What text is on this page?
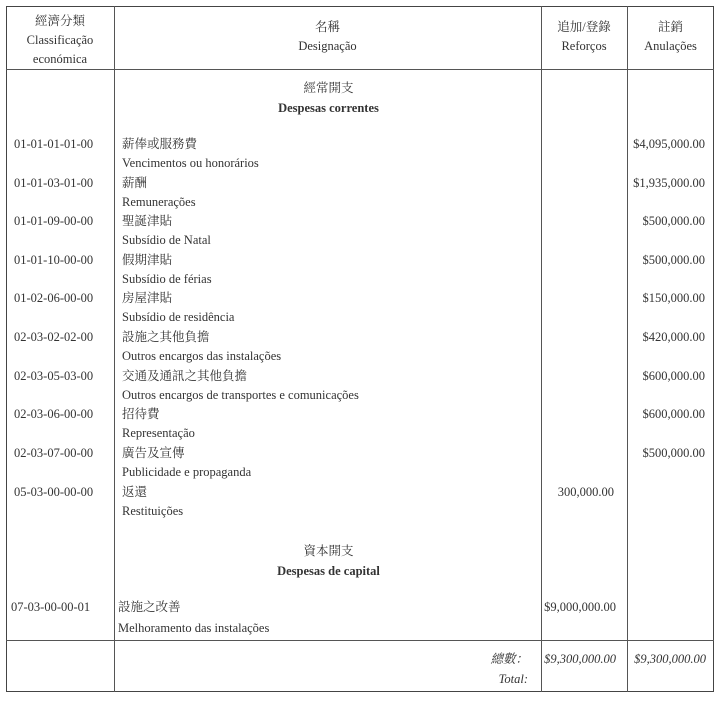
經濟分類
Classificação
económica
名稱
Designação
追加/登錄
Reforços
註銷
Anulações
經常開支
Despesas correntes
01-01-01-01-00 薪俸或服務費
Vencimentos ou honorários
$4,095,000.00
01-01-03-01-00 薪酬
Remunerações
$1,935,000.00
01-01-09-00-00 聖誕津貼
Subsídio de Natal
$500,000.00
01-01-10-00-00 假期津貼
Subsídio de férias
$500,000.00
01-02-06-00-00 房屋津貼
Subsídio de residência
$150,000.00
02-03-02-02-00 設施之其他負擔
Outros encargos das instalações
$420,000.00
02-03-05-03-00 交通及通訊之其他負擔
Outros encargos de transportes e comunicações
$600,000.00
02-03-06-00-00 招待費
Representação
$600,000.00
02-03-07-00-00 廣告及宣傳
Publicidade e propaganda
$500,000.00
05-03-00-00-00 返還
Restituições
300,000.00
資本開支
Despesas de capital
07-03-00-00-01 設施之改善
Melhoramento das instalações
$9,000,000.00
總數：
Total:
$9,300,000.00 $9,300,000.00
